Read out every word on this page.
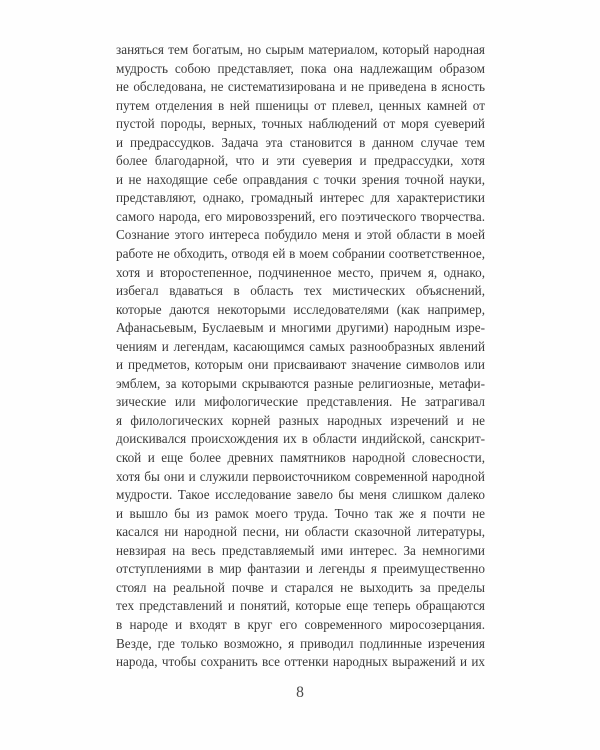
заняться тем богатым, но сырым материалом, который народная
мудрость собою представляет, пока она надлежащим образом
не обследована, не систематизирована и не приведена в ясность
путем отделения в ней пшеницы от плевел, ценных камней от
пустой породы, верных, точных наблюдений от моря суеверий
и предрассудков. Задача эта становится в данном случае тем
более благодарной, что и эти суеверия и предрассудки, хотя
и не находящие себе оправдания с точки зрения точной науки,
представляют, однако, громадный интерес для характеристики
самого народа, его мировоззрений, его поэтического творчества.
Сознание этого интереса побудило меня и этой области в моей
работе не обходить, отводя ей в моем собрании соответственное,
хотя и второстепенное, подчиненное место, причем я, однако,
избегал вдаваться в область тех мистических объяснений,
которые даются некоторыми исследователями (как например,
Афанасьевым, Буслаевым и многими другими) народным изре-
чениям и легендам, касающимся самых разнообразных явлений
и предметов, которым они присваивают значение символов или
эмблем, за которыми скрываются разные религиозные, метафи-
зические или мифологические представления. Не затрагивал
я филологических корней разных народных изречений и не
доискивался происхождения их в области индийской, санскрит-
ской и еще более древних памятников народной словесности,
хотя бы они и служили первоисточником современной народной
мудрости. Такое исследование завело бы меня слишком далеко
и вышло бы из рамок моего труда. Точно так же я почти не
касался ни народной песни, ни области сказочной литературы,
невзирая на весь представляемый ими интерес. За немногими
отступлениями в мир фантазии и легенды я преимущественно
стоял на реальной почве и старался не выходить за пределы
тех представлений и понятий, которые еще теперь обращаются
в народе и входят в круг его современного миросозерцания.
Везде, где только возможно, я приводил подлинные изречения
народа, чтобы сохранить все оттенки народных выражений и их
8
